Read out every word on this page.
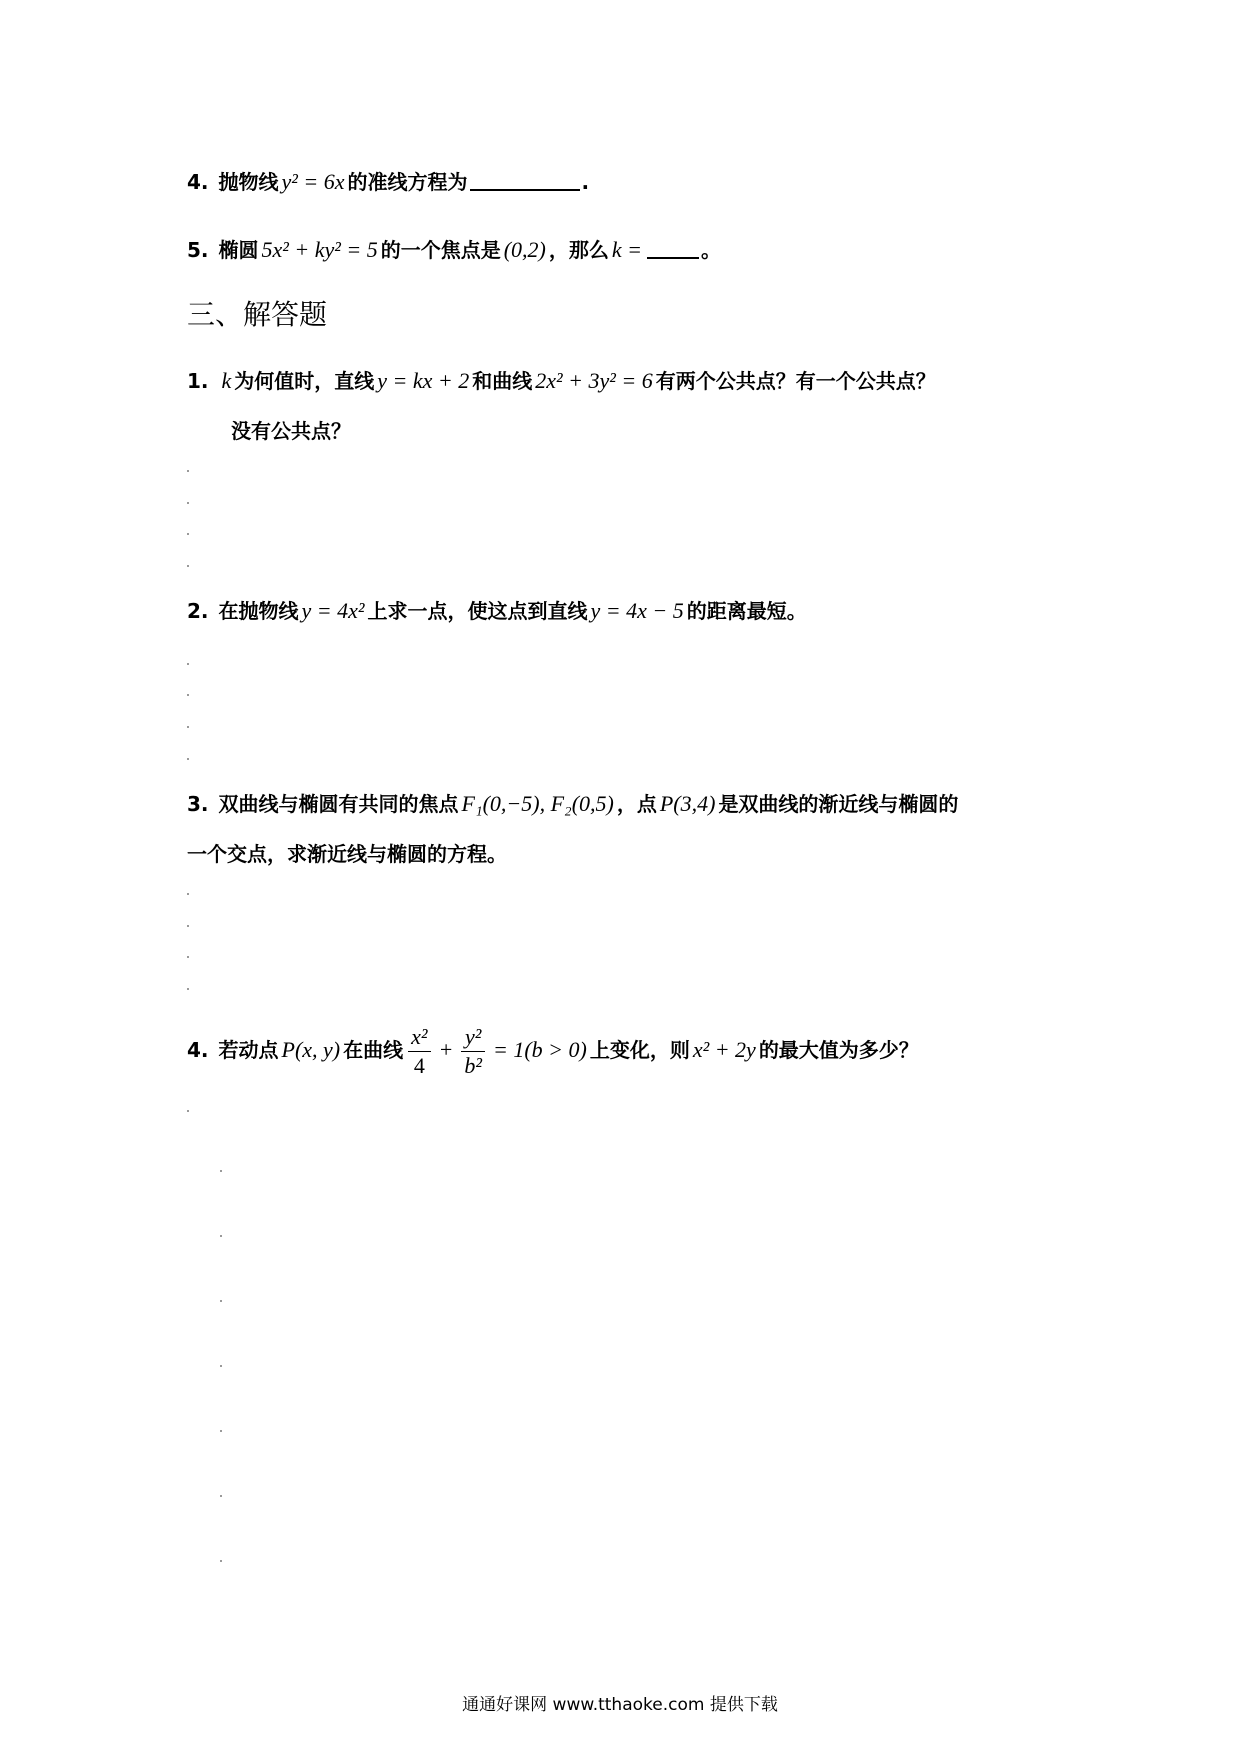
4. 抛物线 y² = 6x 的准线方程为	.
5. 椭圆 5x² + ky² = 5 的一个焦点是 (0,2) ，那么 k =	。
三、解答题
1. k 为何值时，直线 y = kx + 2 和曲线 2x² + 3y² = 6 有两个公共点？有一个公共点？
没有公共点？
2. 在抛物线 y = 4x² 上求一点，使这点到直线 y = 4x − 5 的距离最短。
3. 双曲线与椭圆有共同的焦点 F₁(0,−5), F₂(0,5) ，点 P(3,4) 是双曲线的渐近线与椭圆的
一个交点，求渐近线与椭圆的方程。
4. 若动点 P(x, y) 在曲线 $\frac{\text{x²}}{4} + \frac{\text{y²}}{\text{b²}} = 1(b > 0)$ 上变化，则 x² + 2y 的最大值为多少？
通通好课网 www.tthaoke.com 提供下载
